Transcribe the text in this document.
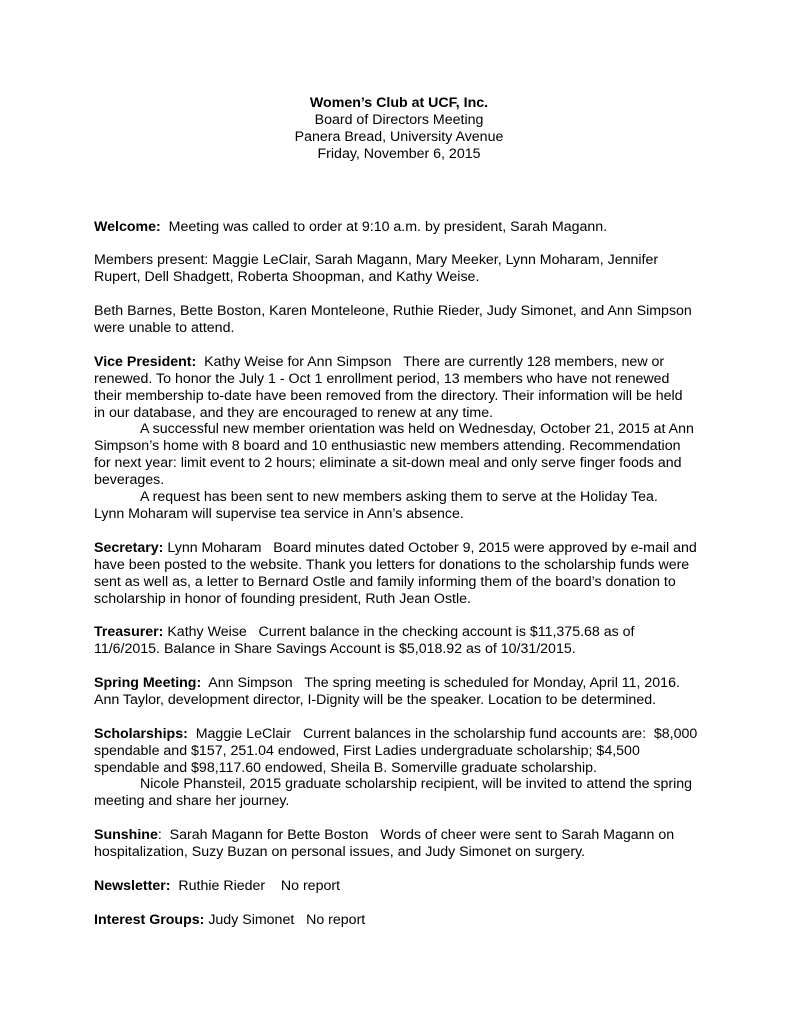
Women’s Club at UCF, Inc.
Board of Directors Meeting
Panera Bread, University Avenue
Friday, November 6, 2015

Welcome:  Meeting was called to order at 9:10 a.m. by president, Sarah Magann.

Members present: Maggie LeClair, Sarah Magann, Mary Meeker, Lynn Moharam, Jennifer
Rupert, Dell Shadgett, Roberta Shoopman, and Kathy Weise.

Beth Barnes, Bette Boston, Karen Monteleone, Ruthie Rieder, Judy Simonet, and Ann Simpson
were unable to attend.

Vice President:  Kathy Weise for Ann Simpson   There are currently 128 members, new or
renewed. To honor the July 1 - Oct 1 enrollment period, 13 members who have not renewed
their membership to-date have been removed from the directory. Their information will be held
in our database, and they are encouraged to renew at any time.
A successful new member orientation was held on Wednesday, October 21, 2015 at Ann
Simpson’s home with 8 board and 10 enthusiastic new members attending. Recommendation
for next year: limit event to 2 hours; eliminate a sit-down meal and only serve finger foods and
beverages.
A request has been sent to new members asking them to serve at the Holiday Tea.
Lynn Moharam will supervise tea service in Ann’s absence.

Secretary: Lynn Moharam   Board minutes dated October 9, 2015 were approved by e-mail and
have been posted to the website. Thank you letters for donations to the scholarship funds were
sent as well as, a letter to Bernard Ostle and family informing them of the board’s donation to
scholarship in honor of founding president, Ruth Jean Ostle.

Treasurer: Kathy Weise   Current balance in the checking account is $11,375.68 as of
11/6/2015. Balance in Share Savings Account is $5,018.92 as of 10/31/2015.

Spring Meeting:  Ann Simpson   The spring meeting is scheduled for Monday, April 11, 2016.
Ann Taylor, development director, I-Dignity will be the speaker. Location to be determined.

Scholarships:  Maggie LeClair   Current balances in the scholarship fund accounts are:  $8,000
spendable and $157, 251.04 endowed, First Ladies undergraduate scholarship; $4,500
spendable and $98,117.60 endowed, Sheila B. Somerville graduate scholarship.
Nicole Phansteil, 2015 graduate scholarship recipient, will be invited to attend the spring
meeting and share her journey.

Sunshine:  Sarah Magann for Bette Boston   Words of cheer were sent to Sarah Magann on
hospitalization, Suzy Buzan on personal issues, and Judy Simonet on surgery.

Newsletter:  Ruthie Rieder    No report

Interest Groups: Judy Simonet   No report
